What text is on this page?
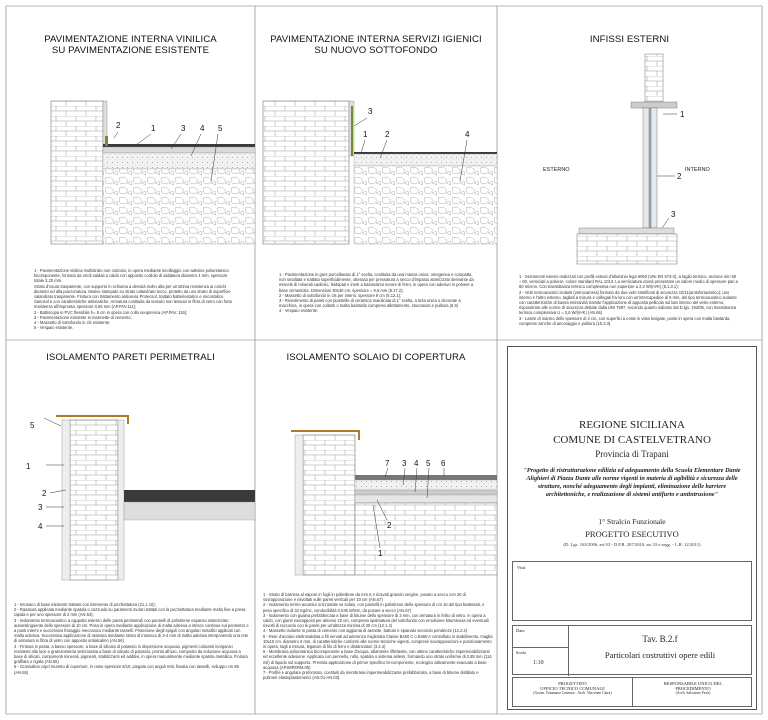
PAVIMENTAZIONE INTERNA VINILICA
SU PAVIMENTAZIONE ESISTENTE
2	1	3 4 5

1 - Pavimentazione vinilica multistrato non caricato, in opera mediante incollaggio con adesivo poliuretanico bicomponente, formato da rotoli saldati a caldo con apposito cordolo di saldatura diametro 4 mm, spessore totale 3,20 mm.

Strato d'usura trasparente, con supporto in schiuma a densità molto alta per un'ottima resistenza ai carichi dinamici ed alla punzonatura. Motivo stampato su strato calandrato tecco, protetto da uno strato di superficie calandrato trasparente. Finitura con trattamento antiusura Protecsol, trattato batteriostatico e micostatico Sanosol e con caratteristiche antistatiche. Armatura costituita da tessuto non tessuto in fibra di vetro con forte resistenza all'impronta, spessore 0,65 mm (AP.PAV.111);

2 - Battiscopa in PVC flessibile h= 8 cm in opera con colla neoprenica (AP.PAV. 116);

3 - Pavimentazione esistente in marmette di cemento;

4 - Massetto di sottofondo in cls esistente;

5 - Vespaio esistente.

PAVIMENTAZIONE INTERNA SERVIZI IGIENICI
SU NUOVO SOTTOFONDO
3
1 2	4

1 - Pavimentazione in gres porcellanato di 1° scelta, costituita da una massa unica, omogenea e compatta, non smaltata e trattata superficialmente, ottenuta per pressatura a secco d'impasto atomizzato derivante da miscele di minerali caolinici, feldspati e inerti a bassissimo tenore di ferro, in opera con adesivo in polvere a base cementizia. Dimensioni 30x30 cm, spessore = 9,5 mm (5.17.2);

2 - Massetto di sottofondo in cls per interni, spessore 8 cm (5.12.1);

3 - Rivestimento di pareti con piastrelle di ceramica maiolicata di 1° scelta, a tinta unica o decorate a macchina, in opera con collanti o malta bastarda compreso allettamento, stuccatura e pulitura (5.9)

4 - Vespaio esistente.

INFISSI ESTERNI
1
2
3
ESTERNO	INTERNO

1 - Serramenti esterni realizzati con profili estrusi d'alluminio lega 6060 (UNI EN 573-3), a taglio termico, sezione min 50 ÷ 60, verniciati a polvere, colore standard RAL 1013. La verniciatura dovrà presentare un valore medio di spessore pari a 60 micron. Con trasmittanza termica complessiva non superiore a 2,2 W/(m²K) (8.1.3.1);

2 - Vetri termoacustici isolanti (vetrocamera) formato da due vetri stratificati di sicurezza 10/11(antinfortunistico); uno interno e l'altro esterno, tagliati a misura e collegati fra loro con un'intercapedine di 9 mm, del tipo termoacustico isolante con caratteristiche di bassa emissività tramite l'applicazione di apposita pellicola sul lato interno del vetro esterno, rispondente alle norme di sicurezza dettate dalla UNI 7697, secondo quanto indicato dal D.lgs. 192/05, con trasmittanza termica complessiva U = 2,6 W/(m²K) (AN.66)

3 - Lastre di marmo dello spessore di 3 cm, con superfici a coste in vista levigate, poste in opera con malta bastarda, comprese zanche di ancoraggio e pulitura (10.3.3).

ISOLAMENTO PARETI PERIMETRALI
5
1
2
3
4

1 - Intonaco di base esistente trattato con intervento di picchettatura (21.1.10);

2 - Rasatura applicata mediante spatola o cazzuola su paramenti murari trattati con la picchettatura mediante malta fine a presa rapida e per uno spessore di 2 mm (AN.54);

3 - Isolamento termoacustico a cappotto esterno delle pareti perimetrali con pannelli di polistirene espanso sinterizzato autoestinguente dello spessore di 10 cm. Posa in opera mediante applicazione di malta adesiva a strisce continue sul perimetro e a punti interni e successivo fissaggio meccanico mediante tasselli. Protezione degli spigoli con angolari metallici applicati con malta adesiva. Successiva applicazione di rasatura mediante strato di intonaco di 3-4 mm di malta adesiva interponendo una rete di armatura in fibra di vetro con apposito antialcalino (AN.56)

4 - Finitura in pasta, a basso spessore, a base di silicato di potassio in dispersione acquosa, pigmenti coloranti inorganici resistenti alla luce e granulometria selezionata a base di silicato di potassio, pronta all'uso, composto da soluzione acquosa a base di silicati, componenti minerali, pigmenti, stabilizzanti ed additivi, in opera manualmente mediante spatola metallica. Finitura graffiata o rigata (AN.55)

5 - Scossalina copri muretto di coperture, in rame spessore 8/10, piegata con angoli retti, fissata con tasselli, sviluppo cm 55 (AN.65)

ISOLAMENTO SOLAIO DI COPERTURA
7 3 4 5 6
2
1

1 - Strato di barriera al vapore in fogli in polietilene da mm 0,4 ricavati granulo vergine, posato a secco con 20 di sovrapposizione e risvoltati sulle pareti verticali per 10 cm (AN.67)

2 - Isolamento termo-acustico orizzontale su solaio, con pannelli in polistirene dello spessore di cm 10 del tipo battentati, e peso specifico di 32 Kg/mc, conducibilità 0,036 W/mK, da posare a secco (AN.57)

3 - Isolamento con guaina prefabbricata a base di bitume dello spessore di 3 mm, con armatura in feltro di vetro, in opera a caldo, con giunti sovrapposti per almeno 10 cm, compresa spalmatura del sottofondo con emulsione bituminosa ed eventuali risvolti di raccordo con le pareti per un'altezza minima di 20 cm (12.1.4)

4 - Massetto isolante in pasta di cemento con aggiunta di aerante, battuto e spianato secondo pendenze (12.2.2)

5 - Rete d'acciaio elettrosaldata a fili nervati ad aderenza migliorata Classe B450 C o B450 A controllato in stabilimento, maglia 10x10 cm, diametro 6 mm, di caratteristiche conformi alle norme tecniche vigenti, comprese sovrapposizioni e posizionamento in opera, tagli a misura, legature di filo di ferro e distanziatori (3.2.4)

6 - Membrana poliuretanica bicomponente a base d'acqua, altamente riflettente, con ottime caratteristiche impermeabilizzanti ed eccellente adesione. Applicata con pennello, rullo, spatola o sistema airless, formando uno strato uniforme di 2,85 mm (114 mil) di liquido sul supporto. Prevista applicazione di primer specifico bi-componente, ecologico attivamente evacuato a base acquosa (AP.IMPERM.05)

7 - Profile e angolare preformato, costituiti da membrana impermeabilizzante prefabbricata, a base di bitume distillato e polimeri elastoplastomerici (AN.01-AN.03).

REGIONE SICILIANA
COMUNE DI CASTELVETRANO
Provincia di Trapani
"Progetto di ristrutturazione edilizia ed adeguamento della Scuola Elementare Dante Alighieri di Piazza Dante alle norme vigenti in materia di agibilità e sicurezza delle strutture, nonché adeguamento degli impianti, eliminazione delle barriere architettoniche, e realizzazione di sistemi antifurto e antintrusione"
1° Stralcio Funzionale
PROGETTO ESECUTIVO
(D. Lgs. 163/2006, art.93 - D.P.R. 207/2010, art.33 e segg. - L.R. 12/2011)
Visti
Data
Scala
1:10
Tav. B.2.f
Particolari costruttivi opere edili
PROGETTISTI
UFFICIO TECNICO COMUNALE
(Geom. Tommaso Cusenza - Arch. Vincenzo Catra)
RESPONSABILE UNICO DEL
PROCEDIMENTO
(Arch. Salvatore Fava)
